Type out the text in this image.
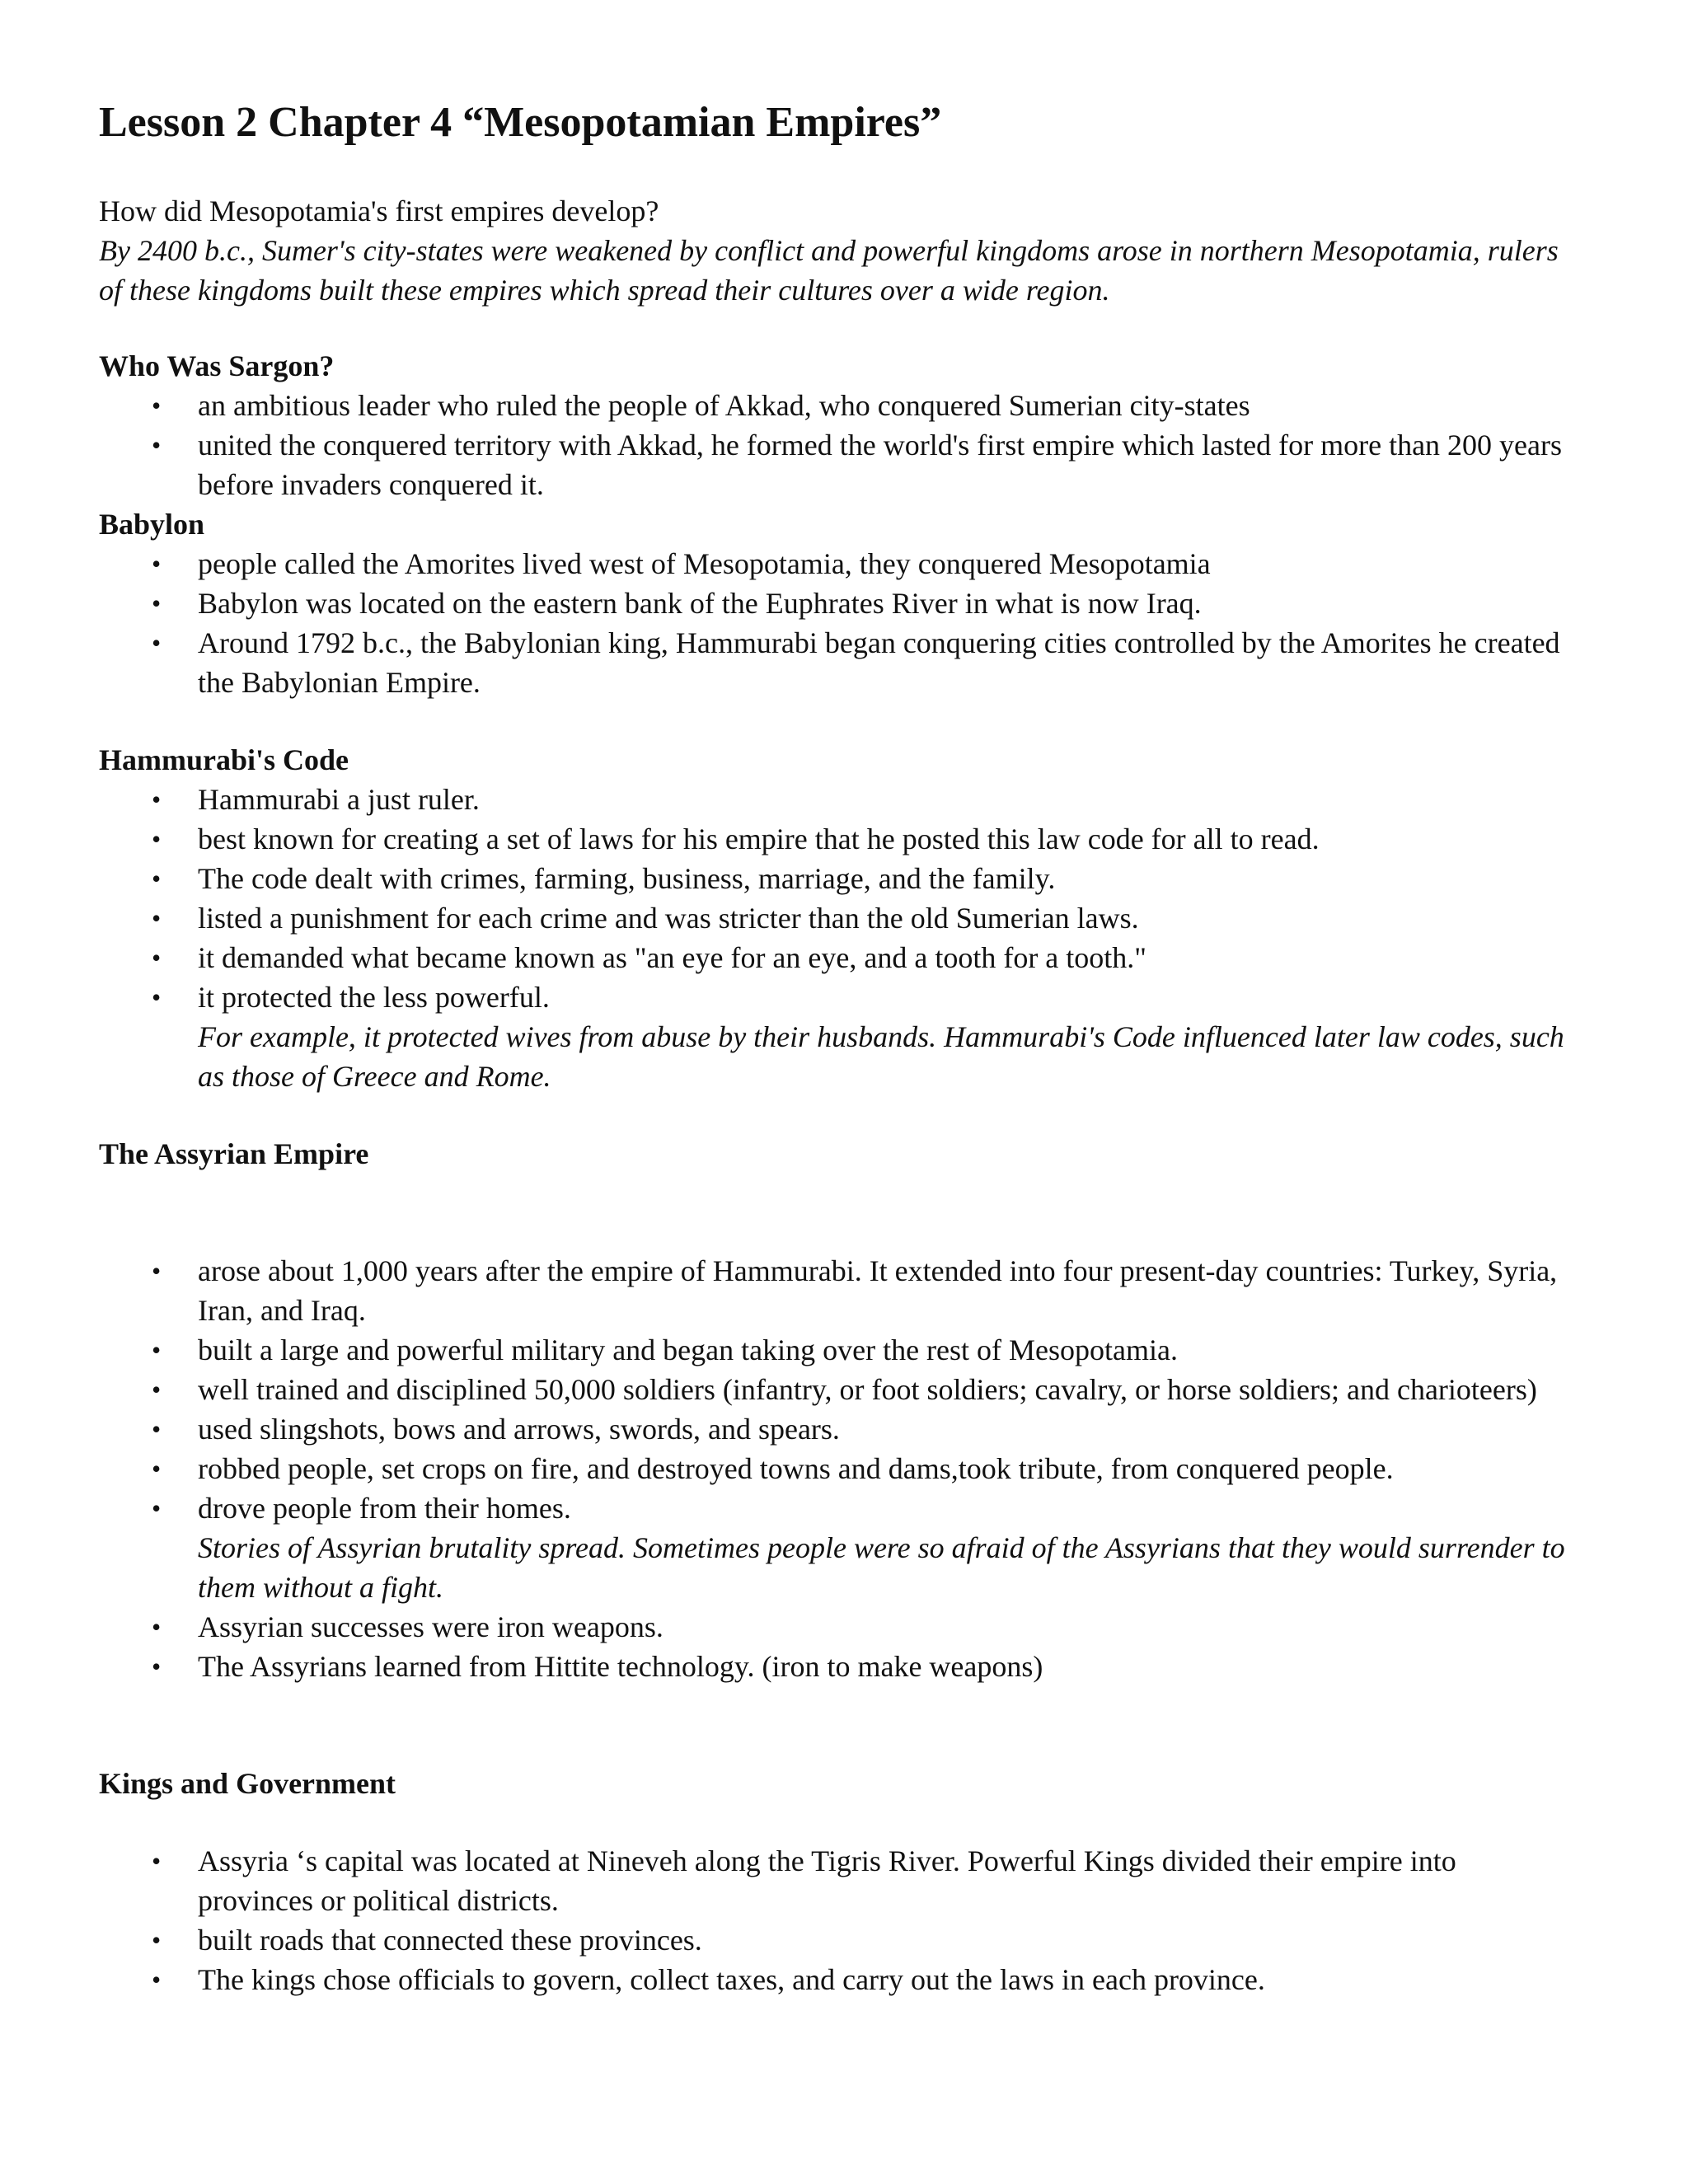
Lesson 2 Chapter 4 “Mesopotamian Empires”

How did Mesopotamia's first empires develop?

By 2400 b.c., Sumer's city-states were weakened by conflict and powerful kingdoms arose in northern Mesopotamia, rulers of these kingdoms built these empires which spread their cultures over a wide region.

Who Was Sargon?

• an ambitious leader who ruled the people of Akkad, who conquered Sumerian city-states
• united the conquered territory with Akkad, he formed the world's first empire which lasted for more than 200 years before invaders conquered it.

Babylon

• people called the Amorites lived west of Mesopotamia, they conquered Mesopotamia
• Babylon was located on the eastern bank of the Euphrates River in what is now Iraq.
• Around 1792 b.c., the Babylonian king, Hammurabi began conquering cities controlled by the Amorites he created the Babylonian Empire.

Hammurabi's Code

• Hammurabi a just ruler.
• best known for creating a set of laws for his empire that he posted this law code for all to read.
• The code dealt with crimes, farming, business, marriage, and the family.
• listed a punishment for each crime and was stricter than the old Sumerian laws.
• it demanded what became known as "an eye for an eye, and a tooth for a tooth."
• it protected the less powerful.
For example, it protected wives from abuse by their husbands. Hammurabi's Code influenced later law codes, such as those of Greece and Rome.

The Assyrian Empire

• arose about 1,000 years after the empire of Hammurabi. It extended into four present-day countries: Turkey, Syria, Iran, and Iraq.
• built a large and powerful military and began taking over the rest of Mesopotamia.
• well trained and disciplined 50,000 soldiers (infantry, or foot soldiers; cavalry, or horse soldiers; and charioteers)
• used slingshots, bows and arrows, swords, and spears.
• robbed people, set crops on fire, and destroyed towns and dams,took tribute, from conquered people.
• drove people from their homes.
Stories of Assyrian brutality spread. Sometimes people were so afraid of the Assyrians that they would surrender to them without a fight.
• Assyrian successes were iron weapons.
• The Assyrians learned from Hittite technology. (iron to make weapons)

Kings and Government

• Assyria ‘s capital was located at Nineveh along the Tigris River. Powerful Kings divided their empire into provinces or political districts.
• built roads that connected these provinces.
• The kings chose officials to govern, collect taxes, and carry out the laws in each province.
